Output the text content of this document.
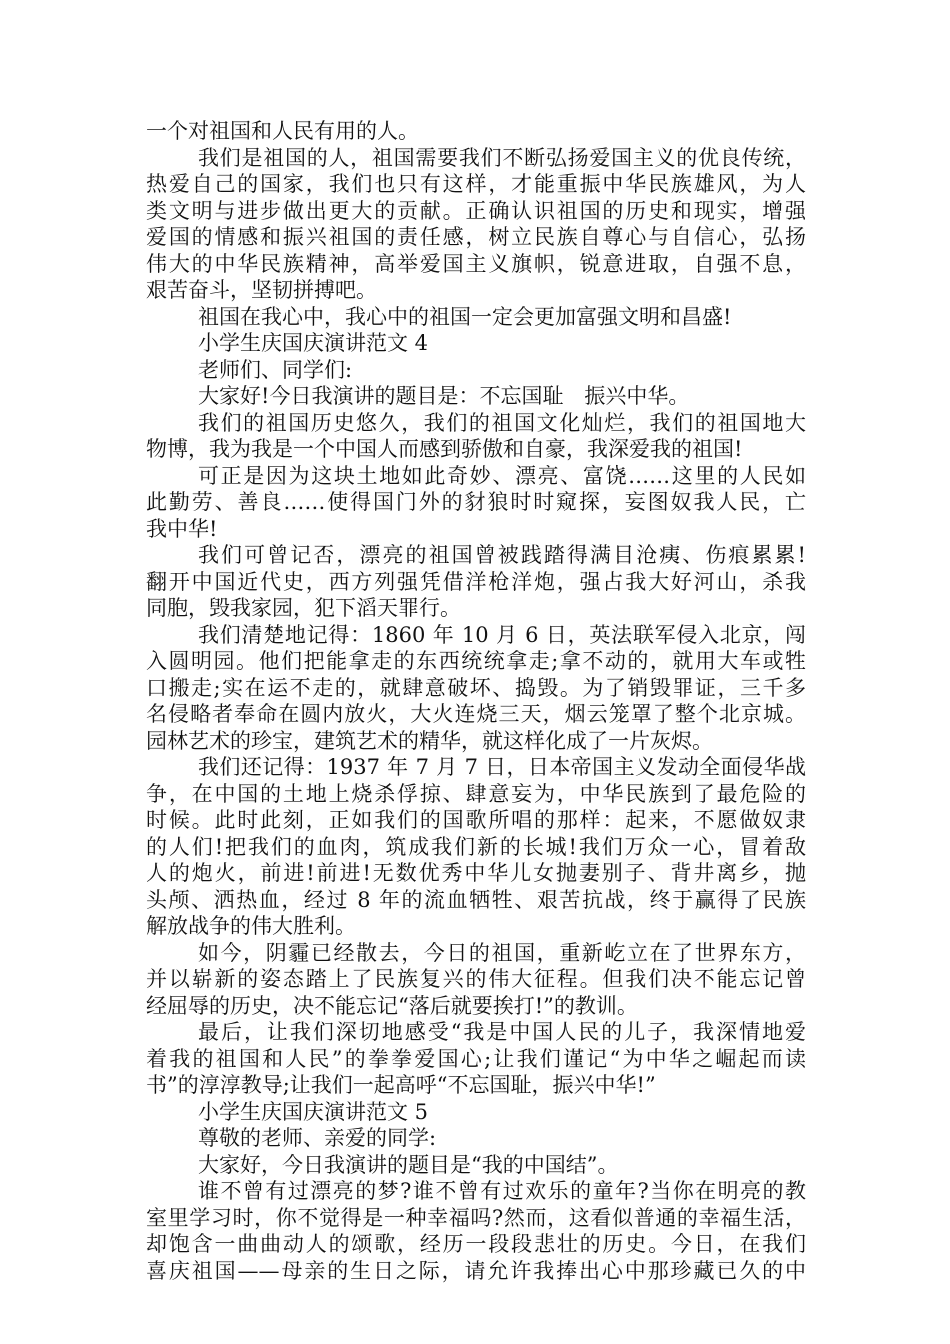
一个对祖国和人民有用的人。
我们是祖国的人，祖国需要我们不断弘扬爱国主义的优良传统，
热爱自己的国家，我们也只有这样，才能重振中华民族雄风，为人
类文明与进步做出更大的贡献。正确认识祖国的历史和现实，增强
爱国的情感和振兴祖国的责任感，树立民族自尊心与自信心，弘扬
伟大的中华民族精神，高举爱国主义旗帜，锐意进取，自强不息，
艰苦奋斗，坚韧拼搏吧。
祖国在我心中，我心中的祖国一定会更加富强文明和昌盛!
小学生庆国庆演讲范文 4
老师们、同学们:
大家好!今日我演讲的题目是：不忘国耻　振兴中华。
我们的祖国历史悠久，我们的祖国文化灿烂，我们的祖国地大
物博，我为我是一个中国人而感到骄傲和自豪，我深爱我的祖国!
可正是因为这块土地如此奇妙、漂亮、富饶……这里的人民如
此勤劳、善良……使得国门外的豺狼时时窥探，妄图奴我人民，亡
我中华!
我们可曾记否，漂亮的祖国曾被践踏得满目沧痍、伤痕累累!
翻开中国近代史，西方列强凭借洋枪洋炮，强占我大好河山，杀我
同胞，毁我家园，犯下滔天罪行。
我们清楚地记得：1860 年 10 月 6 日，英法联军侵入北京，闯
入圆明园。他们把能拿走的东西统统拿走;拿不动的，就用大车或牲
口搬走;实在运不走的，就肆意破坏、捣毁。为了销毁罪证，三千多
名侵略者奉命在圆内放火，大火连烧三天，烟云笼罩了整个北京城。
园林艺术的珍宝，建筑艺术的精华，就这样化成了一片灰烬。
我们还记得：1937 年 7 月 7 日，日本帝国主义发动全面侵华战
争，在中国的土地上烧杀俘掠、肆意妄为，中华民族到了最危险的
时候。此时此刻，正如我们的国歌所唱的那样：起来，不愿做奴隶
的人们!把我们的血肉，筑成我们新的长城!我们万众一心，冒着敌
人的炮火，前进!前进!无数优秀中华儿女抛妻别子、背井离乡，抛
头颅、洒热血，经过 8 年的流血牺牲、艰苦抗战，终于赢得了民族
解放战争的伟大胜利。
如今，阴霾已经散去，今日的祖国，重新屹立在了世界东方，
并以崭新的姿态踏上了民族复兴的伟大征程。但我们决不能忘记曾
经屈辱的历史，决不能忘记“落后就要挨打!”的教训。
最后，让我们深切地感受“我是中国人民的儿子，我深情地爱
着我的祖国和人民”的拳拳爱国心;让我们谨记“为中华之崛起而读
书”的淳淳教导;让我们一起高呼“不忘国耻，振兴中华!”
小学生庆国庆演讲范文 5
尊敬的老师、亲爱的同学:
大家好，今日我演讲的题目是“我的中国结”。
谁不曾有过漂亮的梦?谁不曾有过欢乐的童年?当你在明亮的教
室里学习时，你不觉得是一种幸福吗?然而，这看似普通的幸福生活，
却饱含一曲曲动人的颂歌，经历一段段悲壮的历史。今日，在我们
喜庆祖国——母亲的生日之际，请允许我捧出心中那珍藏已久的中
